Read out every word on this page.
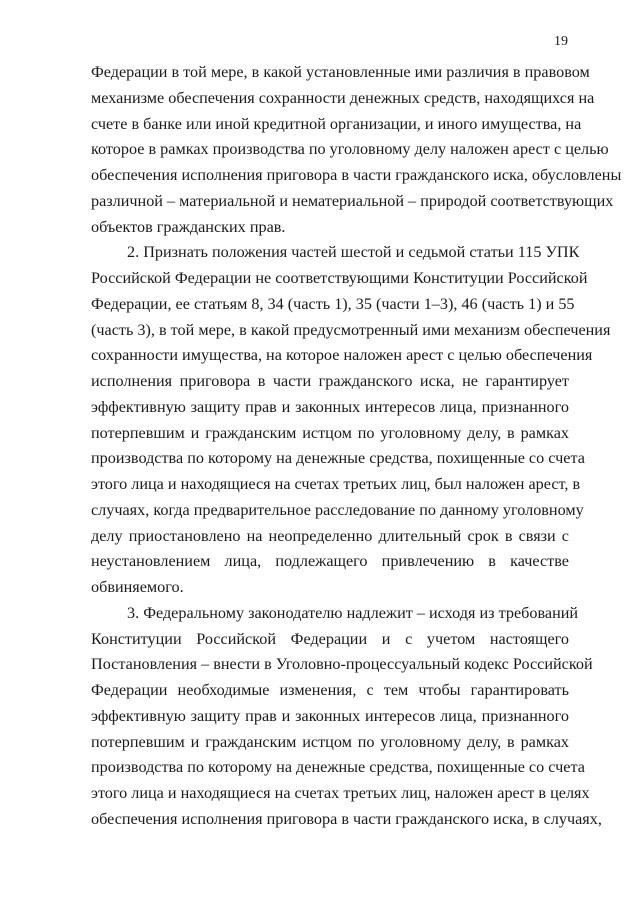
19
Федерации в той мере, в какой установленные ими различия в правовом
механизме обеспечения сохранности денежных средств, находящихся на
счете в банке или иной кредитной организации, и иного имущества, на
которое в рамках производства по уголовному делу наложен арест с целью
обеспечения исполнения приговора в части гражданского иска, обусловлены
различной – материальной и нематериальной – природой соответствующих
объектов гражданских прав.
2. Признать положения частей шестой и седьмой статьи 115 УПК
Российской Федерации не соответствующими Конституции Российской
Федерации, ее статьям 8, 34 (часть 1), 35 (части 1–3), 46 (часть 1) и 55
(часть 3), в той мере, в какой предусмотренный ими механизм обеспечения
сохранности имущества, на которое наложен арест с целью обеспечения
исполнения приговора в части гражданского иска, не гарантирует
эффективную защиту прав и законных интересов лица, признанного
потерпевшим и гражданским истцом по уголовному делу, в рамках
производства по которому на денежные средства, похищенные со счета
этого лица и находящиеся на счетах третьих лиц, был наложен арест, в
случаях, когда предварительное расследование по данному уголовному
делу приостановлено на неопределенно длительный срок в связи с
неустановлением лица, подлежащего привлечению в качестве
обвиняемого.
3. Федеральному законодателю надлежит – исходя из требований
Конституции Российской Федерации и с учетом настоящего
Постановления – внести в Уголовно-процессуальный кодекс Российской
Федерации необходимые изменения, с тем чтобы гарантировать
эффективную защиту прав и законных интересов лица, признанного
потерпевшим и гражданским истцом по уголовному делу, в рамках
производства по которому на денежные средства, похищенные со счета
этого лица и находящиеся на счетах третьих лиц, наложен арест в целях
обеспечения исполнения приговора в части гражданского иска, в случаях,
